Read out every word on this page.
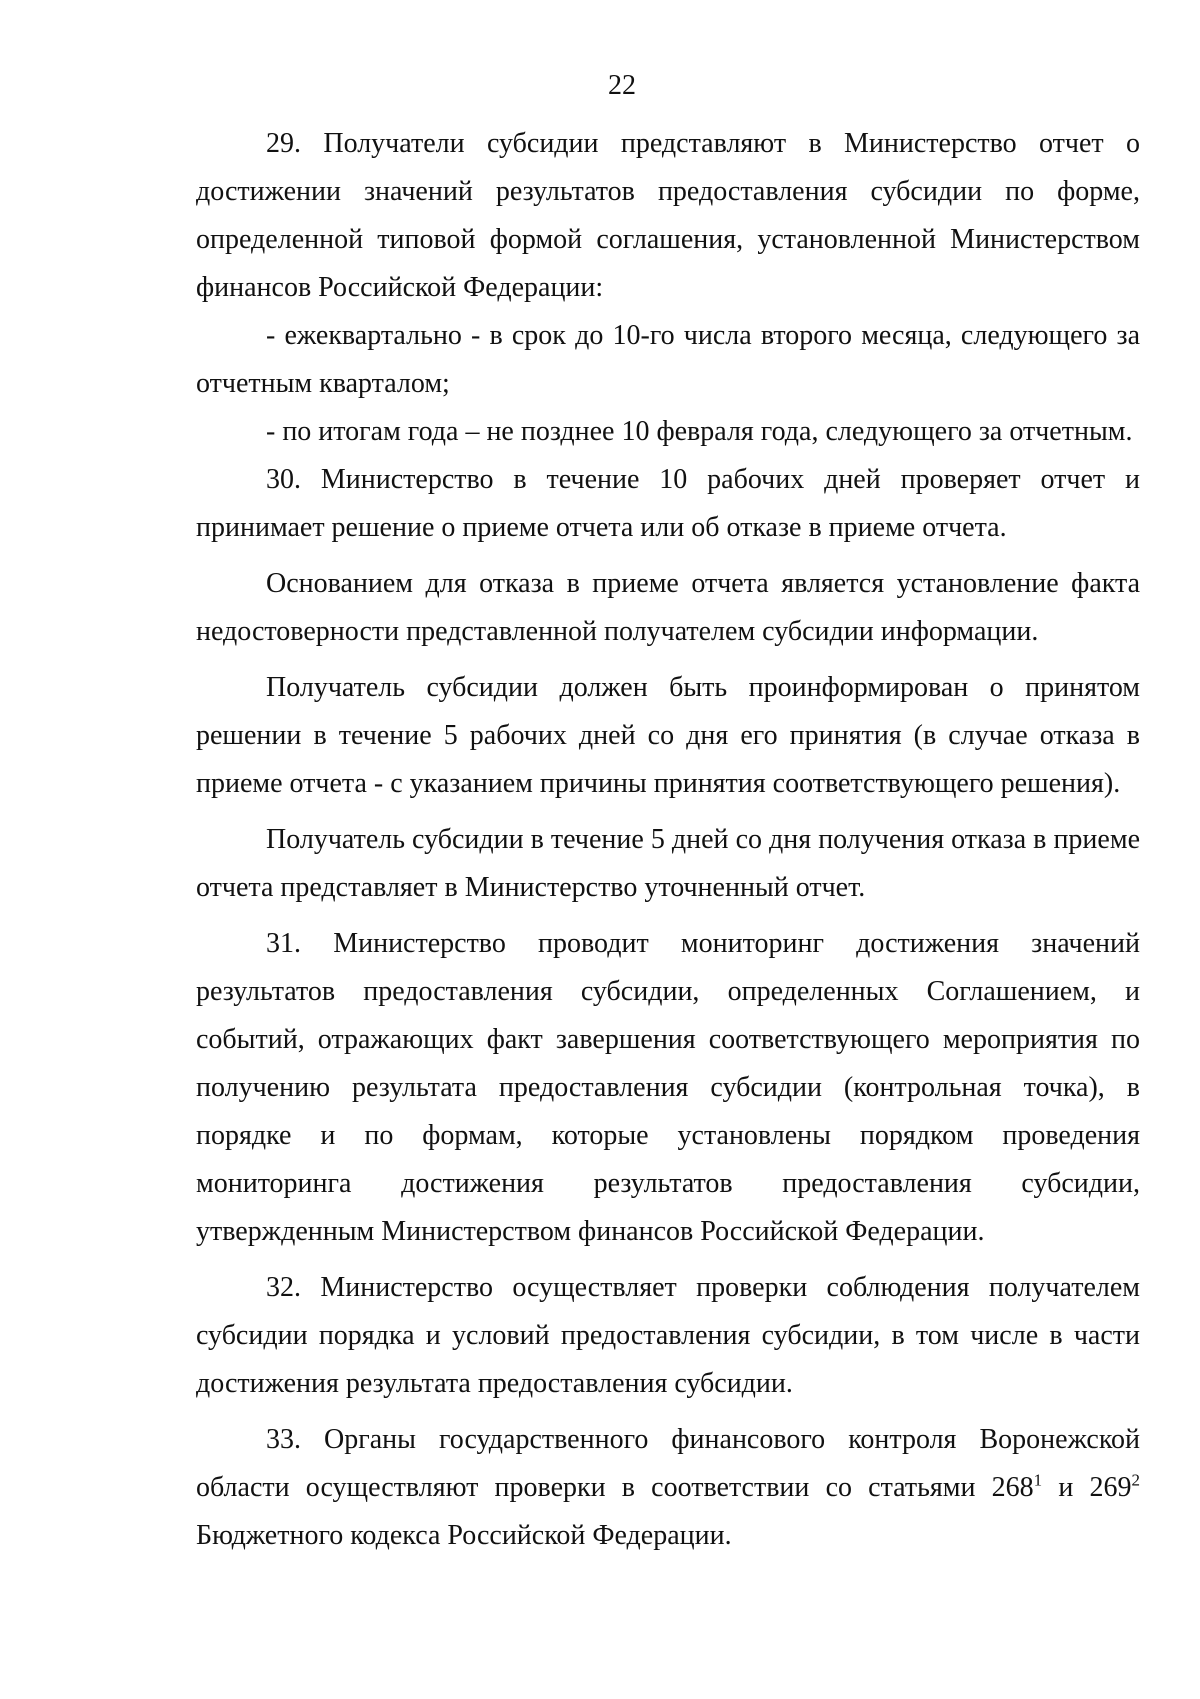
22

29. Получатели субсидии представляют в Министерство отчет о достижении значений результатов предоставления субсидии по форме, определенной типовой формой соглашения, установленной Министерством финансов Российской Федерации:

- ежеквартально - в срок до 10-го числа второго месяца, следующего за отчетным кварталом;

- по итогам года – не позднее 10 февраля года, следующего за отчетным.

30. Министерство в течение 10 рабочих дней проверяет отчет и принимает решение о приеме отчета или об отказе в приеме отчета.

Основанием для отказа в приеме отчета является установление факта недостоверности представленной получателем субсидии информации.

Получатель субсидии должен быть проинформирован о принятом решении в течение 5 рабочих дней со дня его принятия (в случае отказа в приеме отчета - с указанием причины принятия соответствующего решения).

Получатель субсидии в течение 5 дней со дня получения отказа в приеме отчета представляет в Министерство уточненный отчет.

31. Министерство проводит мониторинг достижения значений результатов предоставления субсидии, определенных Соглашением, и событий, отражающих факт завершения соответствующего мероприятия по получению результата предоставления субсидии (контрольная точка), в порядке и по формам, которые установлены порядком проведения мониторинга достижения результатов предоставления субсидии, утвержденным Министерством финансов Российской Федерации.

32. Министерство осуществляет проверки соблюдения получателем субсидии порядка и условий предоставления субсидии, в том числе в части достижения результата предоставления субсидии.

33. Органы государственного финансового контроля Воронежской области осуществляют проверки в соответствии со статьями $268^1$ и $269^2$ Бюджетного кодекса Российской Федерации.
